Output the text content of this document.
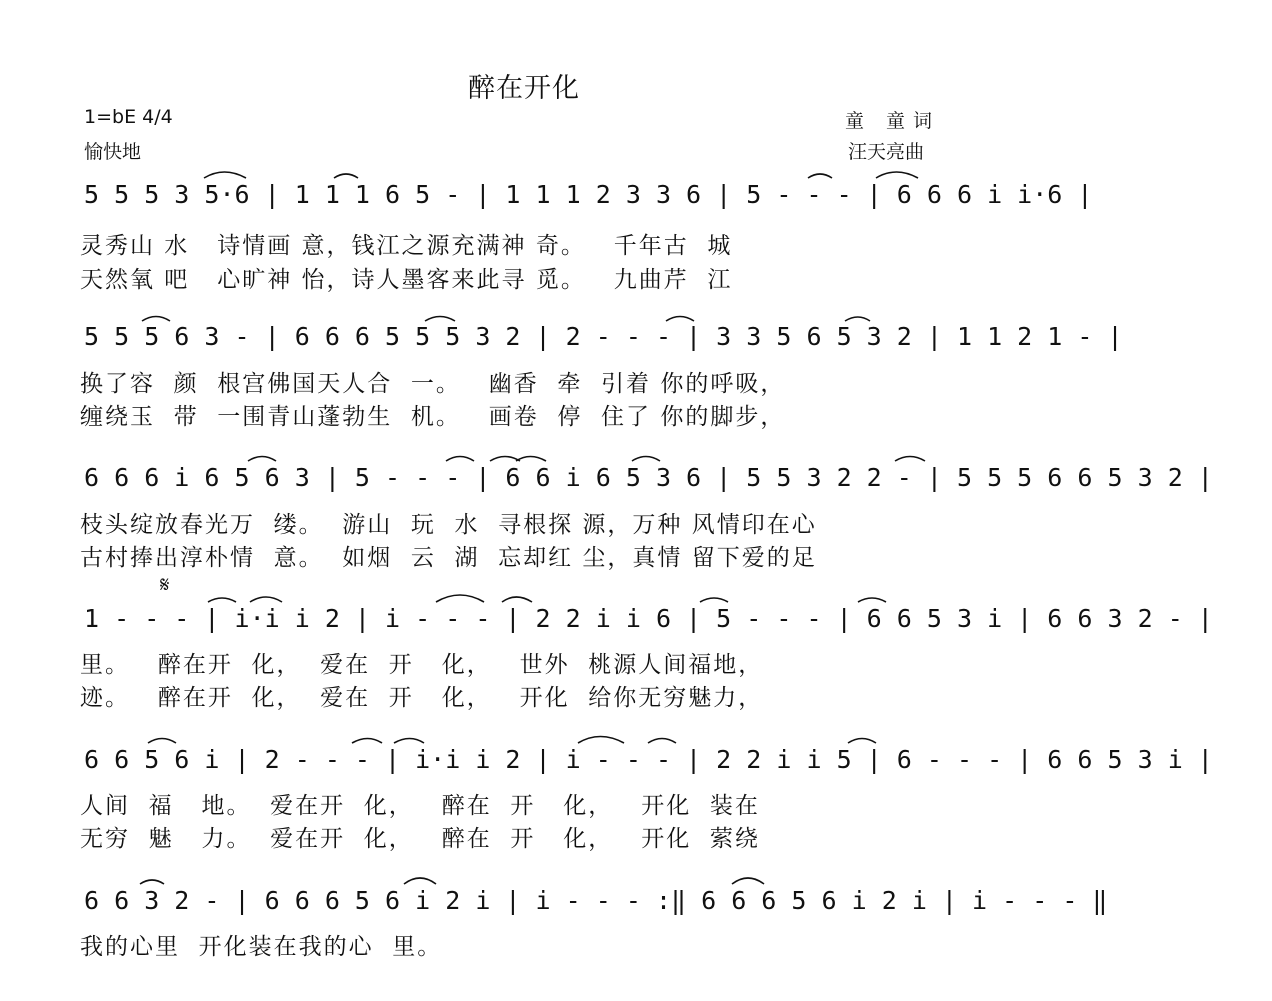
醉在开化
1=bE 4/4
愉快地
童 童词
汪天亮曲
5 5 5 3 5·6 | 1 1 1 6 5 - | 1 1 1 2 3 3 6 | 5 - - - | 6 6 6 i i·6 |
灵秀山 水   诗情画 意，钱江之源充满神 奇。   千年古  城
天然氧 吧   心旷神 怡，诗人墨客来此寻 觅。   九曲芹  江
5 5 5 6 3 - | 6 6 6 5 5 5 3 2 | 2 - - - | 3 3 5 6 5 3 2 | 1 1 2 1 - |
换了容  颜  根宫佛国天人合  一。   幽香  牵  引着 你的呼吸，
缠绕玉  带  一围青山蓬勃生  机。   画卷  停  住了 你的脚步，
6 6 6 i 6 5 6 3 | 5 - - - | 6 6 i 6 5 3 6 | 5 5 3 2 2 - | 5 5 5 6 6 5 3 2 |
枝头绽放春光万  缕。  游山  玩  水  寻根探 源，万种 风情印在心
古村捧出淳朴情  意。  如烟  云  湖  忘却红 尘，真情 留下爱的足
𝄋
1 - - - | i·i i 2 | i - - - | 2 2 i i 6 | 5 - - - | 6 6 5 3 i | 6 6 3 2 - |
里。   醉在开  化，  爱在  开   化，   世外  桃源人间福地，
迹。   醉在开  化，  爱在  开   化，   开化  给你无穷魅力，
6 6 5 6 i | 2 - - - | i·i i 2 | i - - - | 2 2 i i 5 | 6 - - - | 6 6 5 3 i |
人间  福   地。  爱在开  化，   醉在  开   化，   开化  装在
无穷  魅   力。  爱在开  化，   醉在  开   化，   开化  萦绕
6 6 3 2 - | 6 6 6 5 6 i 2 i | i - - - :‖ 6 6 6 5 6 i 2 i | i - - - ‖
我的心里  开化装在我的心  里。
